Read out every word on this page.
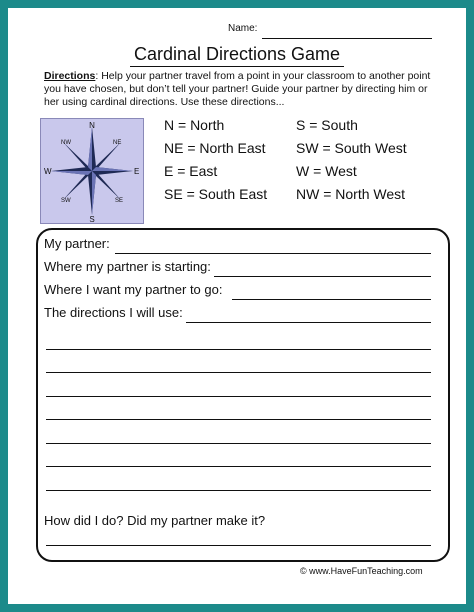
Name:
Cardinal Directions Game
Directions: Help your partner travel from a point in your classroom to another point you have chosen, but don’t tell your partner! Guide your partner by directing him or her using cardinal directions. Use these directions...
N
S
W	E
NW	NE
SW	SE
N = North	S = South
NE = North East SW = South West
E = East	W = West
SE = South East NW = North West
My partner:
Where my partner is starting:
Where I want my partner to go:
The directions I will use:
How did I do? Did my partner make it?
© www.HaveFunTeaching.com
